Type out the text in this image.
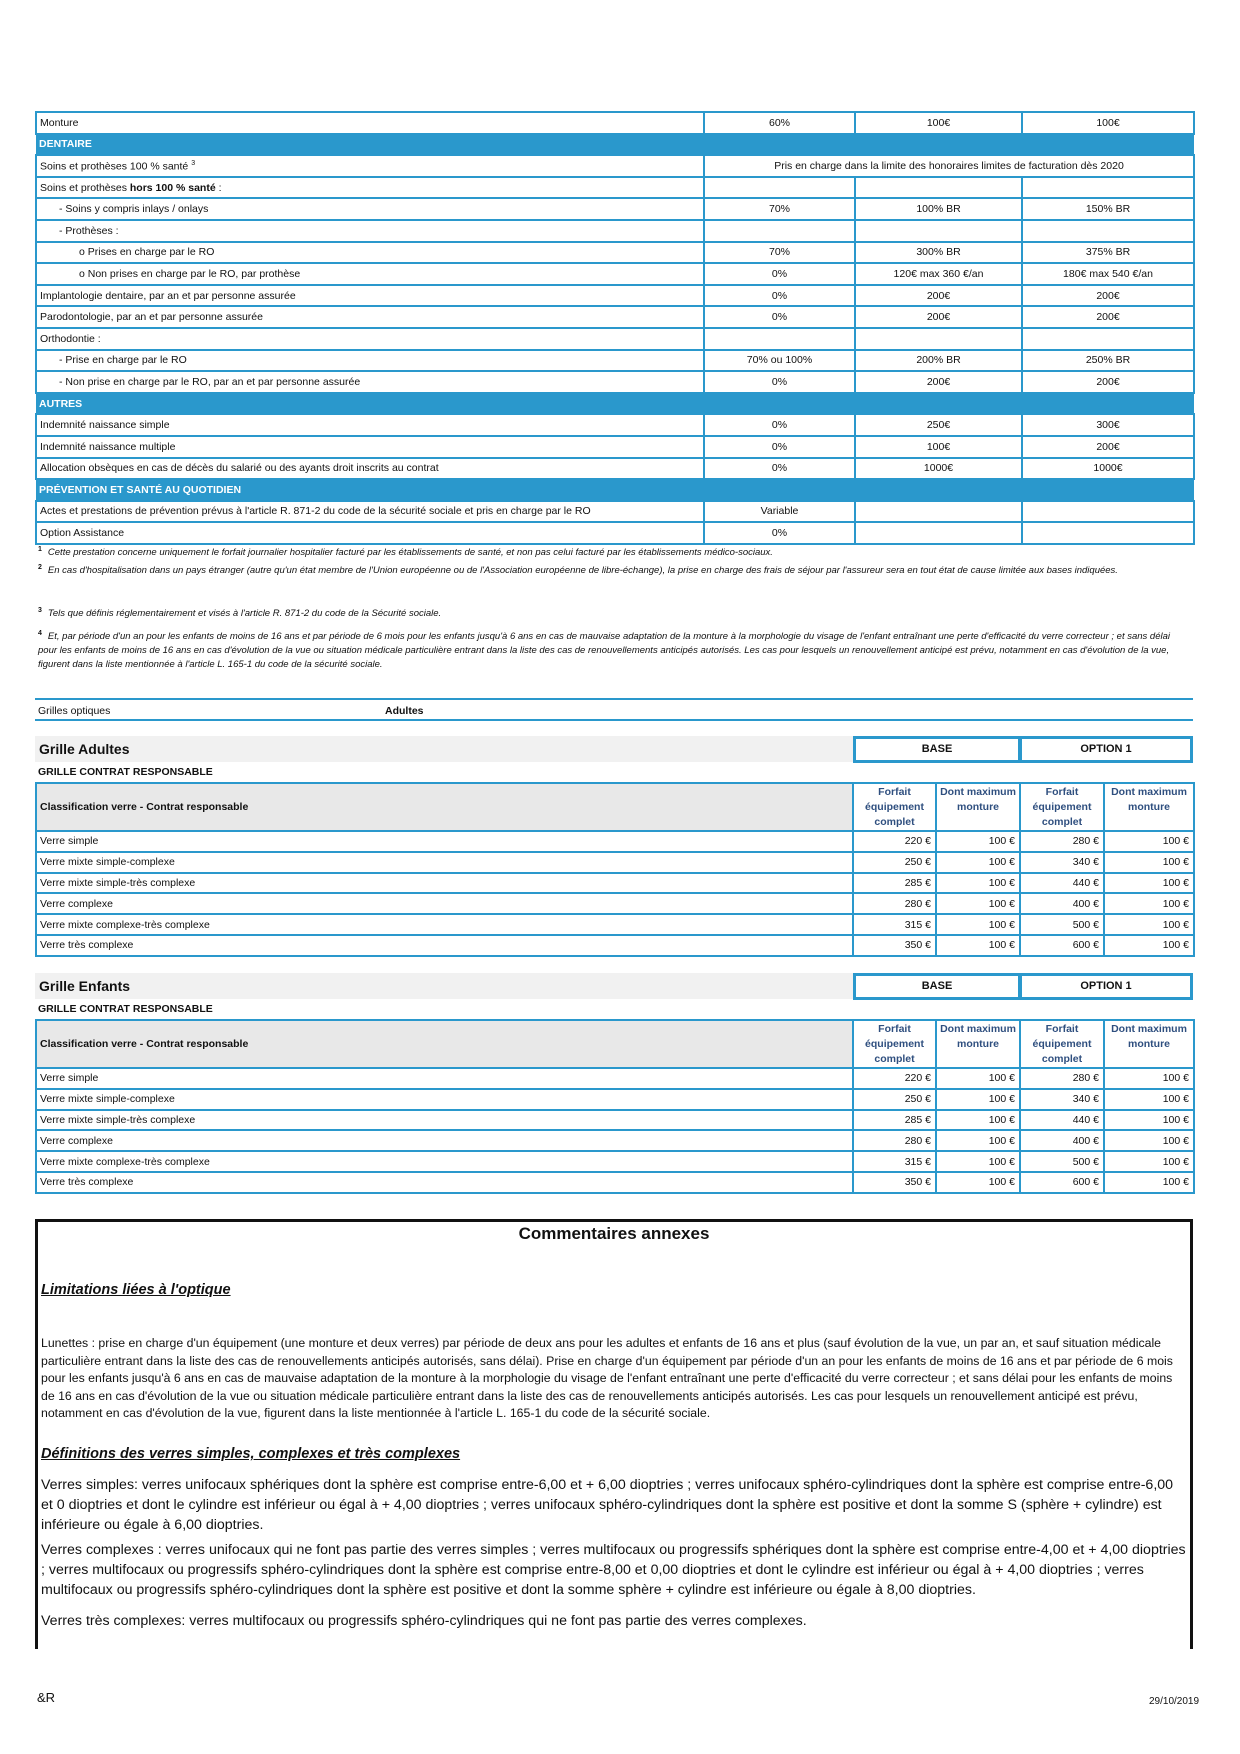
Monture	60%	100€	100€
DENTAIRE			
Soins et prothèses 100 % santé $^3$	Pris en charge dans la limite des honoraires limites de facturation dès 2020		
Soins et prothèses hors 100 % santé :			
- Soins y compris inlays / onlays	70%	100% BR	150% BR
- Prothèses :			
o Prises en charge par le RO	70%	300% BR	375% BR
o Non prises en charge par le RO, par prothèse	0%	120€ max 360 €/an	180€ max 540 €/an
Implantologie dentaire, par an et par personne assurée	0%	200€	200€
Parodontologie, par an et par personne assurée	0%	200€	200€
Orthodontie :			
- Prise en charge par le RO	70% ou 100%	200% BR	250% BR
- Non prise en charge par le RO, par an et par personne assurée	0%	200€	200€
AUTRES			
Indemnité naissance simple	0%	250€	300€
Indemnité naissance multiple	0%	100€	200€
Allocation obsèques en cas de décès du salarié ou des ayants droit inscrits au contrat	0%	1000€	1000€
PRÉVENTION ET SANTÉ AU QUOTIDIEN			
Actes et prestations de prévention prévus à l'article R. 871-2 du code de la sécurité sociale et pris en charge par le RO	Variable		
Option Assistance	0%		
$^1$ Cette prestation concerne uniquement le forfait journalier hospitalier facturé par les établissements de santé, et non pas celui facturé par les établissements médico-sociaux.
$^2$ En cas d'hospitalisation dans un pays étranger (autre qu'un état membre de l'Union européenne ou de l'Association européenne de libre-échange), la prise en charge des frais de séjour par l'assureur sera en tout état de cause limitée aux bases indiquées.
$^3$ Tels que définis réglementairement et visés à l'article R. 871-2 du code de la Sécurité sociale.
$^4$ Et, par période d'un an pour les enfants de moins de 16 ans et par période de 6 mois pour les enfants jusqu'à 6 ans en cas de mauvaise adaptation de la monture à la morphologie du visage de l'enfant entraînant une perte d'efficacité du verre correcteur ; et sans délai pour les enfants de moins de 16 ans en cas d'évolution de la vue ou situation médicale particulière entrant dans la liste des cas de renouvellements anticipés autorisés. Les cas pour lesquels un renouvellement anticipé est prévu, notamment en cas d'évolution de la vue, figurent dans la liste mentionnée à l'article L. 165-1 du code de la sécurité sociale.
Grilles optiques	Adultes
Grille Adultes	BASE	OPTION 1
GRILLE CONTRAT RESPONSABLE
Classification verre - Contrat responsable	Forfait équipement complet	Dont maximum monture	Forfait équipement complet	Dont maximum monture
Verre simple	220 €	100 €	280 €	100 €
Verre mixte simple-complexe	250 €	100 €	340 €	100 €
Verre mixte simple-très complexe	285 €	100 €	440 €	100 €
Verre complexe	280 €	100 €	400 €	100 €
Verre mixte complexe-très complexe	315 €	100 €	500 €	100 €
Verre très complexe	350 €	100 €	600 €	100 €
Grille Enfants	BASE	OPTION 1
GRILLE CONTRAT RESPONSABLE
Classification verre - Contrat responsable	Forfait équipement complet	Dont maximum monture	Forfait équipement complet	Dont maximum monture
Verre simple	220 €	100 €	280 €	100 €
Verre mixte simple-complexe	250 €	100 €	340 €	100 €
Verre mixte simple-très complexe	285 €	100 €	440 €	100 €
Verre complexe	280 €	100 €	400 €	100 €
Verre mixte complexe-très complexe	315 €	100 €	500 €	100 €
Verre très complexe	350 €	100 €	600 €	100 €
Commentaires annexes
Limitations liées à l'optique
Lunettes : prise en charge d'un équipement (une monture et deux verres) par période de deux ans pour les adultes et enfants de 16 ans et plus (sauf évolution de la vue, un par an, et sauf situation médicale particulière entrant dans la liste des cas de renouvellements anticipés autorisés, sans délai). Prise en charge d'un équipement par période d'un an pour les enfants de moins de 16 ans et par période de 6 mois pour les enfants jusqu'à 6 ans en cas de mauvaise adaptation de la monture à la morphologie du visage de l'enfant entraînant une perte d'efficacité du verre correcteur ; et sans délai pour les enfants de moins de 16 ans en cas d'évolution de la vue ou situation médicale particulière entrant dans la liste des cas de renouvellements anticipés autorisés. Les cas pour lesquels un renouvellement anticipé est prévu, notamment en cas d'évolution de la vue, figurent dans la liste mentionnée à l'article L. 165-1 du code de la sécurité sociale.
Définitions des verres simples, complexes et très complexes
Verres simples: verres unifocaux sphériques dont la sphère est comprise entre-6,00 et + 6,00 dioptries ; verres unifocaux sphéro-cylindriques dont la sphère est comprise entre-6,00 et 0 dioptries et dont le cylindre est inférieur ou égal à + 4,00 dioptries ; verres unifocaux sphéro-cylindriques dont la sphère est positive et dont la somme S (sphère + cylindre) est inférieure ou égale à 6,00 dioptries.
Verres complexes : verres unifocaux qui ne font pas partie des verres simples ; verres multifocaux ou progressifs sphériques dont la sphère est comprise entre-4,00 et + 4,00 dioptries ; verres multifocaux ou progressifs sphéro-cylindriques dont la sphère est comprise entre-8,00 et 0,00 dioptries et dont le cylindre est inférieur ou égal à + 4,00 dioptries ; verres multifocaux ou progressifs sphéro-cylindriques dont la sphère est positive et dont la somme sphère + cylindre est inférieure ou égale à 8,00 dioptries.
Verres très complexes: verres multifocaux ou progressifs sphéro-cylindriques qui ne font pas partie des verres complexes.
&R	29/10/2019
